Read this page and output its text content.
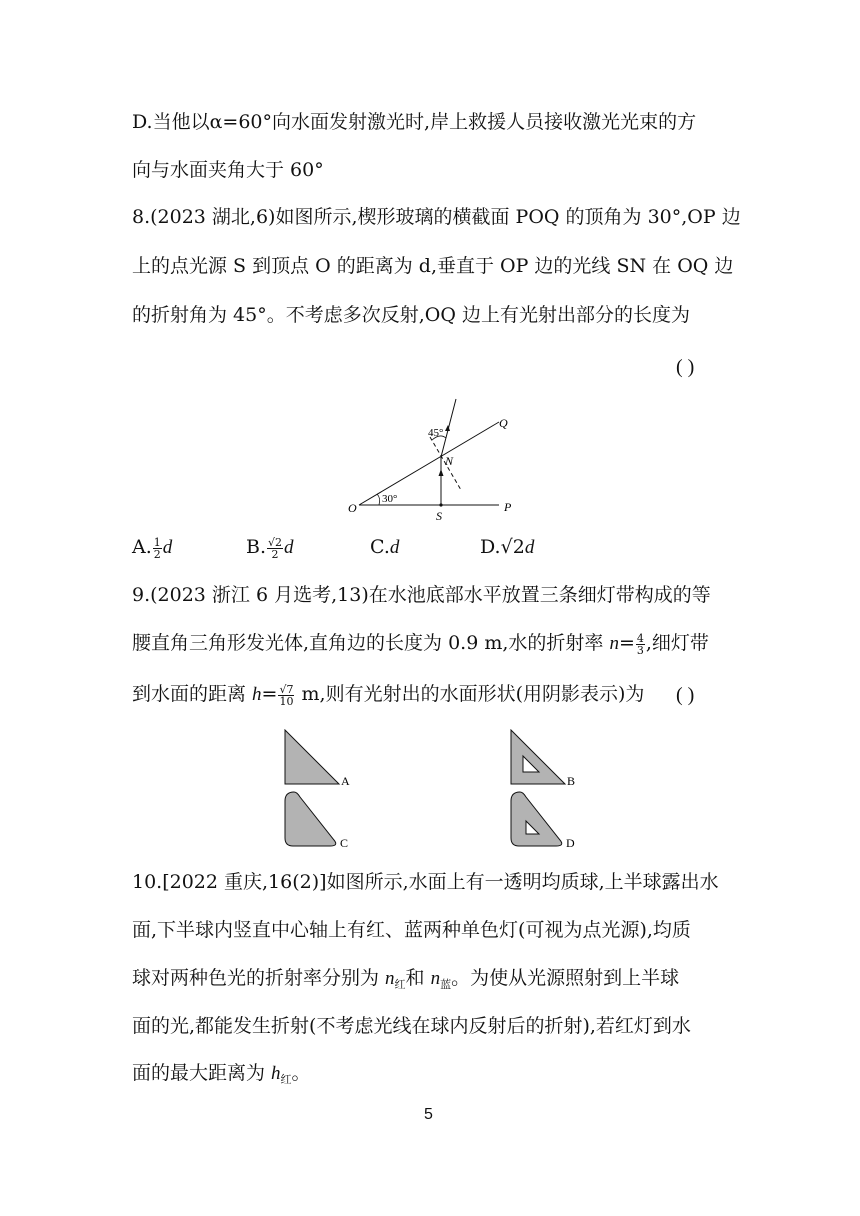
D.当他以α=60°向水面发射激光时,岸上救援人员接收激光光束的方
向与水面夹角大于 60°
8.(2023 湖北,6)如图所示,楔形玻璃的横截面 POQ 的顶角为 30°,OP 边
上的点光源 S 到顶点 O 的距离为 d,垂直于 OP 边的光线 SN 在 OQ 边
的折射角为 45°。不考虑多次反射,OQ 边上有光射出部分的长度为
( )
O	P
Q
N
S
30°
45°
A. $\frac{1}{2}$ d	B. $\frac{√2}{2}$ d	C.d	D.√2d
9.(2023 浙江 6 月选考,13)在水池底部水平放置三条细灯带构成的等
腰直角三角形发光体,直角边的长度为 0.9 m,水的折射率 $n= \frac{4}{3}$ ,细灯带
到水面的距离 $h= \frac{√7}{10} m$,则有光射出的水面形状(用阴影表示)为 ( )
A	B
C	D
10.[2022 重庆,16(2)]如图所示,水面上有一透明均质球,上半球露出水
面,下半球内竖直中心轴上有红、蓝两种单色灯(可视为点光源),均质
球对两种色光的折射率分别为 $n_红$和 $n_蓝$。为使从光源照射到上半球
面的光,都能发生折射(不考虑光线在球内反射后的折射),若红灯到水
面的最大距离为 $h_红$。
5
